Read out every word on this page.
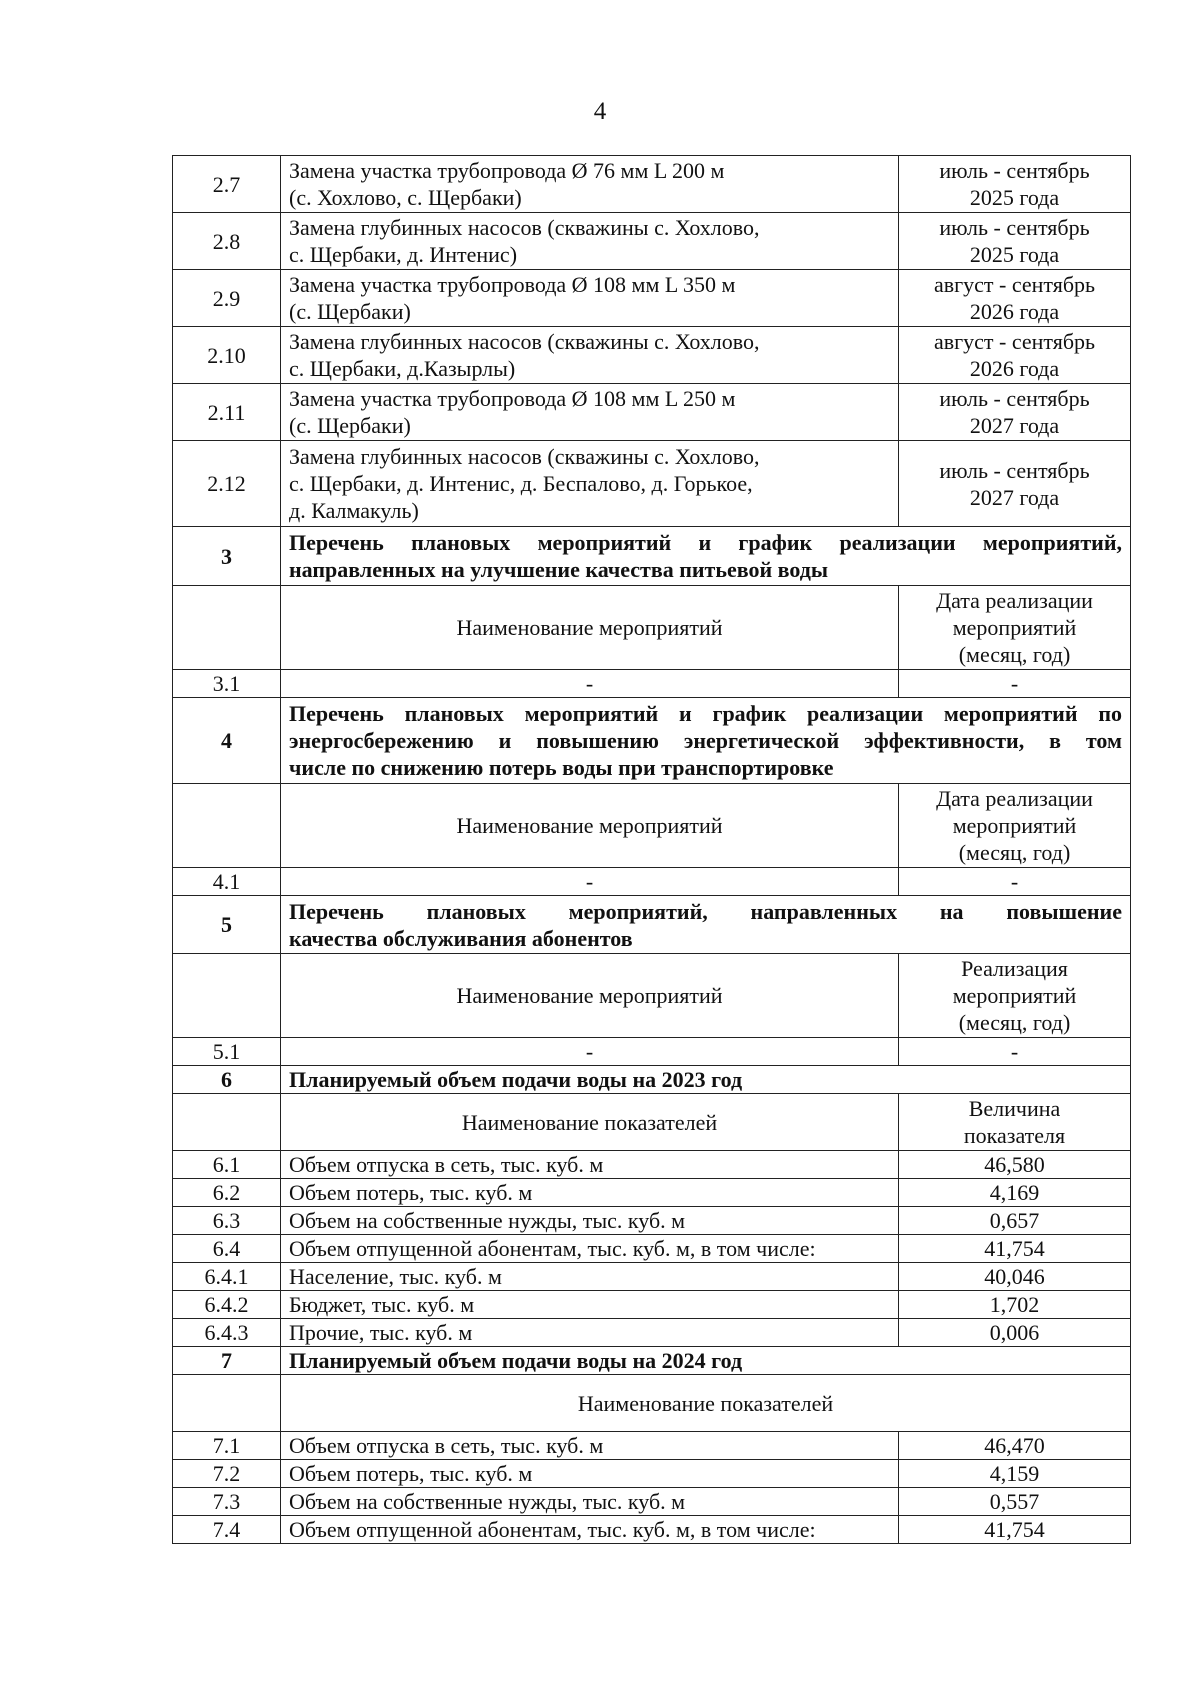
4
2.7	Замена участка трубопровода Ø 76 мм L 200 м
(с. Хохлово, с. Щербаки)	июль - сентябрь
2025 года

2.8	Замена глубинных насосов (скважины с. Хохлово,
с. Щербаки, д. Интенис)	июль - сентябрь
2025 года

2.9	Замена участка трубопровода Ø 108 мм L 350 м
(с. Щербаки)	август - сентябрь
2026 года

2.10	Замена глубинных насосов (скважины с. Хохлово,
с. Щербаки, д.Казырлы)	август - сентябрь
2026 года

2.11	Замена участка трубопровода Ø 108 мм L 250 м
(с. Щербаки)	июль - сентябрь
2027 года

2.12	Замена глубинных насосов (скважины с. Хохлово,
с. Щербаки, д. Интенис, д. Беспалово, д. Горькое,
д. Калмакуль)	июль - сентябрь
2027 года

3	Перечень плановых мероприятий и график реализации мероприятий,
направленных на улучшение качества питьевой воды	

	Наименование мероприятий	Дата реализации
мероприятий
(месяц, год)

3.1	-	-
4	Перечень плановых мероприятий и график реализации мероприятий по
энергосбережению и повышению энергетической эффективности, в том
числе по снижению потерь воды при транспортировке	

	Наименование мероприятий	Дата реализации
мероприятий
(месяц, год)

4.1	-	-
5	Перечень плановых мероприятий, направленных на повышение
качества обслуживания абонентов	

	Наименование мероприятий	Реализация
мероприятий
(месяц, год)

5.1	-	-
6	Планируемый объем подачи воды на 2023 год	
	Наименование показателей	Величина
показателя

6.1	Объем отпуска в сеть, тыс. куб. м	46,580
6.2	Объем потерь, тыс. куб. м	4,169
6.3	Объем на собственные нужды, тыс. куб. м	0,657
6.4	Объем отпущенной абонентам, тыс. куб. м, в том числе:	41,754
6.4.1	Население, тыс. куб. м	40,046
6.4.2	Бюджет, тыс. куб. м	1,702
6.4.3	Прочие, тыс. куб. м	0,006
7	Планируемый объем подачи воды на 2024 год	
	Наименование показателей	
7.1	Объем отпуска в сеть, тыс. куб. м	46,470
7.2	Объем потерь, тыс. куб. м	4,159
7.3	Объем на собственные нужды, тыс. куб. м	0,557
7.4	Объем отпущенной абонентам, тыс. куб. м, в том числе:	41,754
